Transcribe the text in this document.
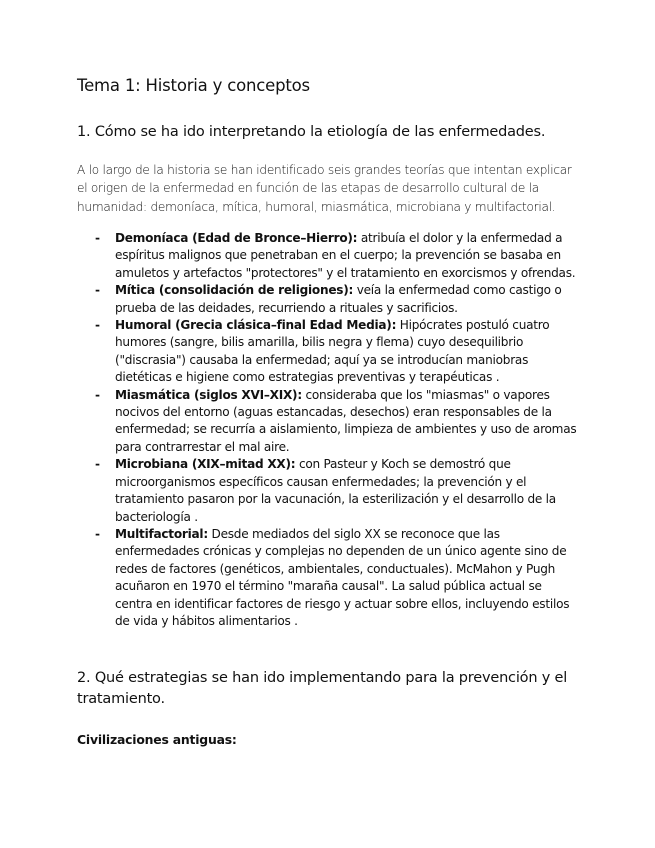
Tema 1: Historia y conceptos
1. Cómo se ha ido interpretando la etiología de las enfermedades.

A lo largo de la historia se han identificado seis grandes teorías que intentan explicar el origen de la enfermedad en función de las etapas de desarrollo cultural de la humanidad: demoníaca, mítica, humoral, miasmática, microbiana y multifactorial.

- Demoníaca (Edad de Bronce–Hierro): atribuía el dolor y la enfermedad a espíritus malignos que penetraban en el cuerpo; la prevención se basaba en amuletos y artefactos "protectores" y el tratamiento en exorcismos y ofrendas.
- Mítica (consolidación de religiones): veía la enfermedad como castigo o prueba de las deidades, recurriendo a rituales y sacrificios.
- Humoral (Grecia clásica–final Edad Media): Hipócrates postuló cuatro humores (sangre, bilis amarilla, bilis negra y flema) cuyo desequilibrio ("discrasia") causaba la enfermedad; aquí ya se introducían maniobras dietéticas e higiene como estrategias preventivas y terapéuticas .
- Miasmática (siglos XVI–XIX): consideraba que los "miasmas" o vapores nocivos del entorno (aguas estancadas, desechos) eran responsables de la enfermedad; se recurría a aislamiento, limpieza de ambientes y uso de aromas para contrarrestar el mal aire.
- Microbiana (XIX–mitad XX): con Pasteur y Koch se demostró que microorganismos específicos causan enfermedades; la prevención y el tratamiento pasaron por la vacunación, la esterilización y el desarrollo de la bacteriología .
- Multifactorial: Desde mediados del siglo XX se reconoce que las enfermedades crónicas y complejas no dependen de un único agente sino de redes de factores (genéticos, ambientales, conductuales). McMahon y Pugh acuñaron en 1970 el término "maraña causal". La salud pública actual se centra en identificar factores de riesgo y actuar sobre ellos, incluyendo estilos de vida y hábitos alimentarios .
2. Qué estrategias se han ido implementando para la prevención y el tratamiento.

Civilizaciones antiguas:
